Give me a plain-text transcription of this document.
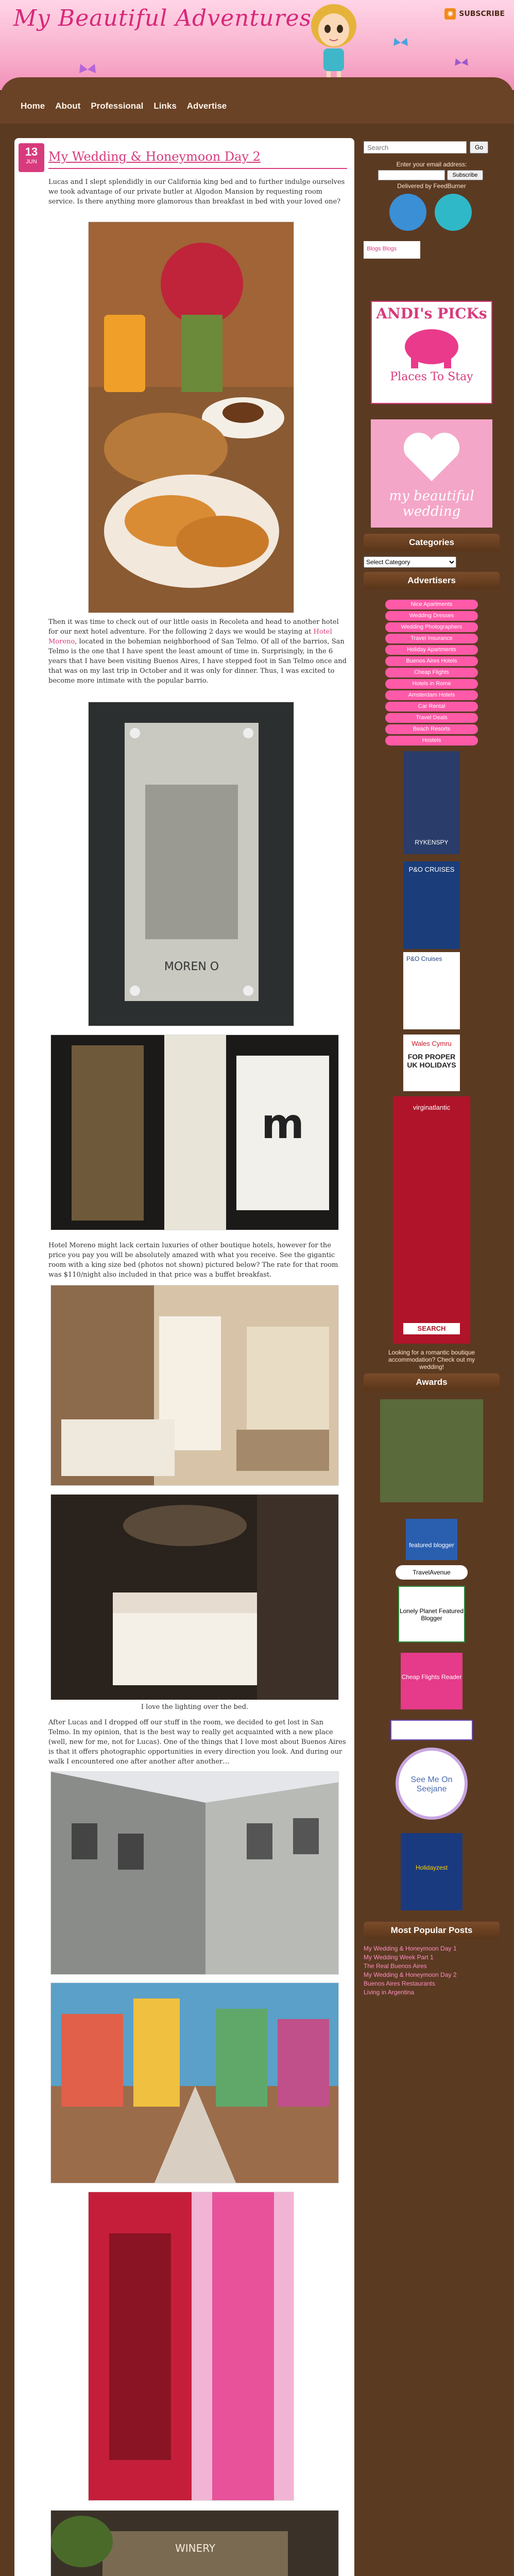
My Beautiful Adventures	◉ SUBSCRIBE
Home About Professional Links Advertise
13
JUN My Wedding & Honeymoon Day 2
Lucas and I slept splendidly in our California king bed and to further indulge ourselves we took advantage of our private butler at Algodon Mansion by requesting room service. Is there anything more glamorous than breakfast in bed with your loved one?
Then it was time to check out of our little oasis in Recoleta and head to another hotel for our next hotel adventure. For the following 2 days we would be staying at Hotel Moreno, located in the bohemian neighborhood of San Telmo. Of all of the barrios, San Telmo is the one that I have spent the least amount of time in. Surprisingly, in the 6 years that I have been visiting Buenos Aires, I have stepped foot in San Telmo once and that was on my last trip in October and it was only for dinner. Thus, I was excited to become more intimate with the popular barrio.
MOREN O
m
Hotel Moreno might lack certain luxuries of other boutique hotels, however for the price you pay you will be absolutely amazed with what you receive. See the gigantic room with a king size bed (photos not shown) pictured below? The rate for that room was $110/night also included in that price was a buffet breakfast.
I love the lighting over the bed.
After Lucas and I dropped off our stuff in the room, we decided to get lost in San Telmo. In my opinion, that is the best way to really get acquainted with a new place (well, new for me, not for Lucas). One of the things that I love most about Buenos Aires is that it offers photographic opportunities in every direction you look. And during our walk I encountered one after another after another…
WINERY
Search
Go
Enter your email address:
Subscribe
Delivered by FeedBurner
Blogs Blogs
ANDI's PICKs
Places To Stay
my beautiful wedding
Categories
Select Category
Advertisers
Nice Apartments
Wedding Dresses
Wedding Photographers
Travel Insurance
Holiday Apartments
Buenos Aires Hotels
Cheap Flights
Hotels in Rome
Amsterdam Hotels
Car Rental
Travel Deals
Beach Resorts
Hostels
RYKENSPY
P&O CRUISES
P&O Cruises
Wales Cymru
FOR PROPER UK HOLIDAYS
virginatlantic
SEARCH
Looking for a romantic boutique accommodation? Check out my wedding!
Awards
featured blogger
TravelAvenue
Lonely Planet Featured Blogger
Cheap Flights Reader
See Me On Seejane
Holidayzest
Most Popular Posts
My Wedding & Honeymoon Day 1
My Wedding Week Part 1
The Real Buenos Aires
My Wedding & Honeymoon Day 2
Buenos Aires Restaurants
Living in Argentina
